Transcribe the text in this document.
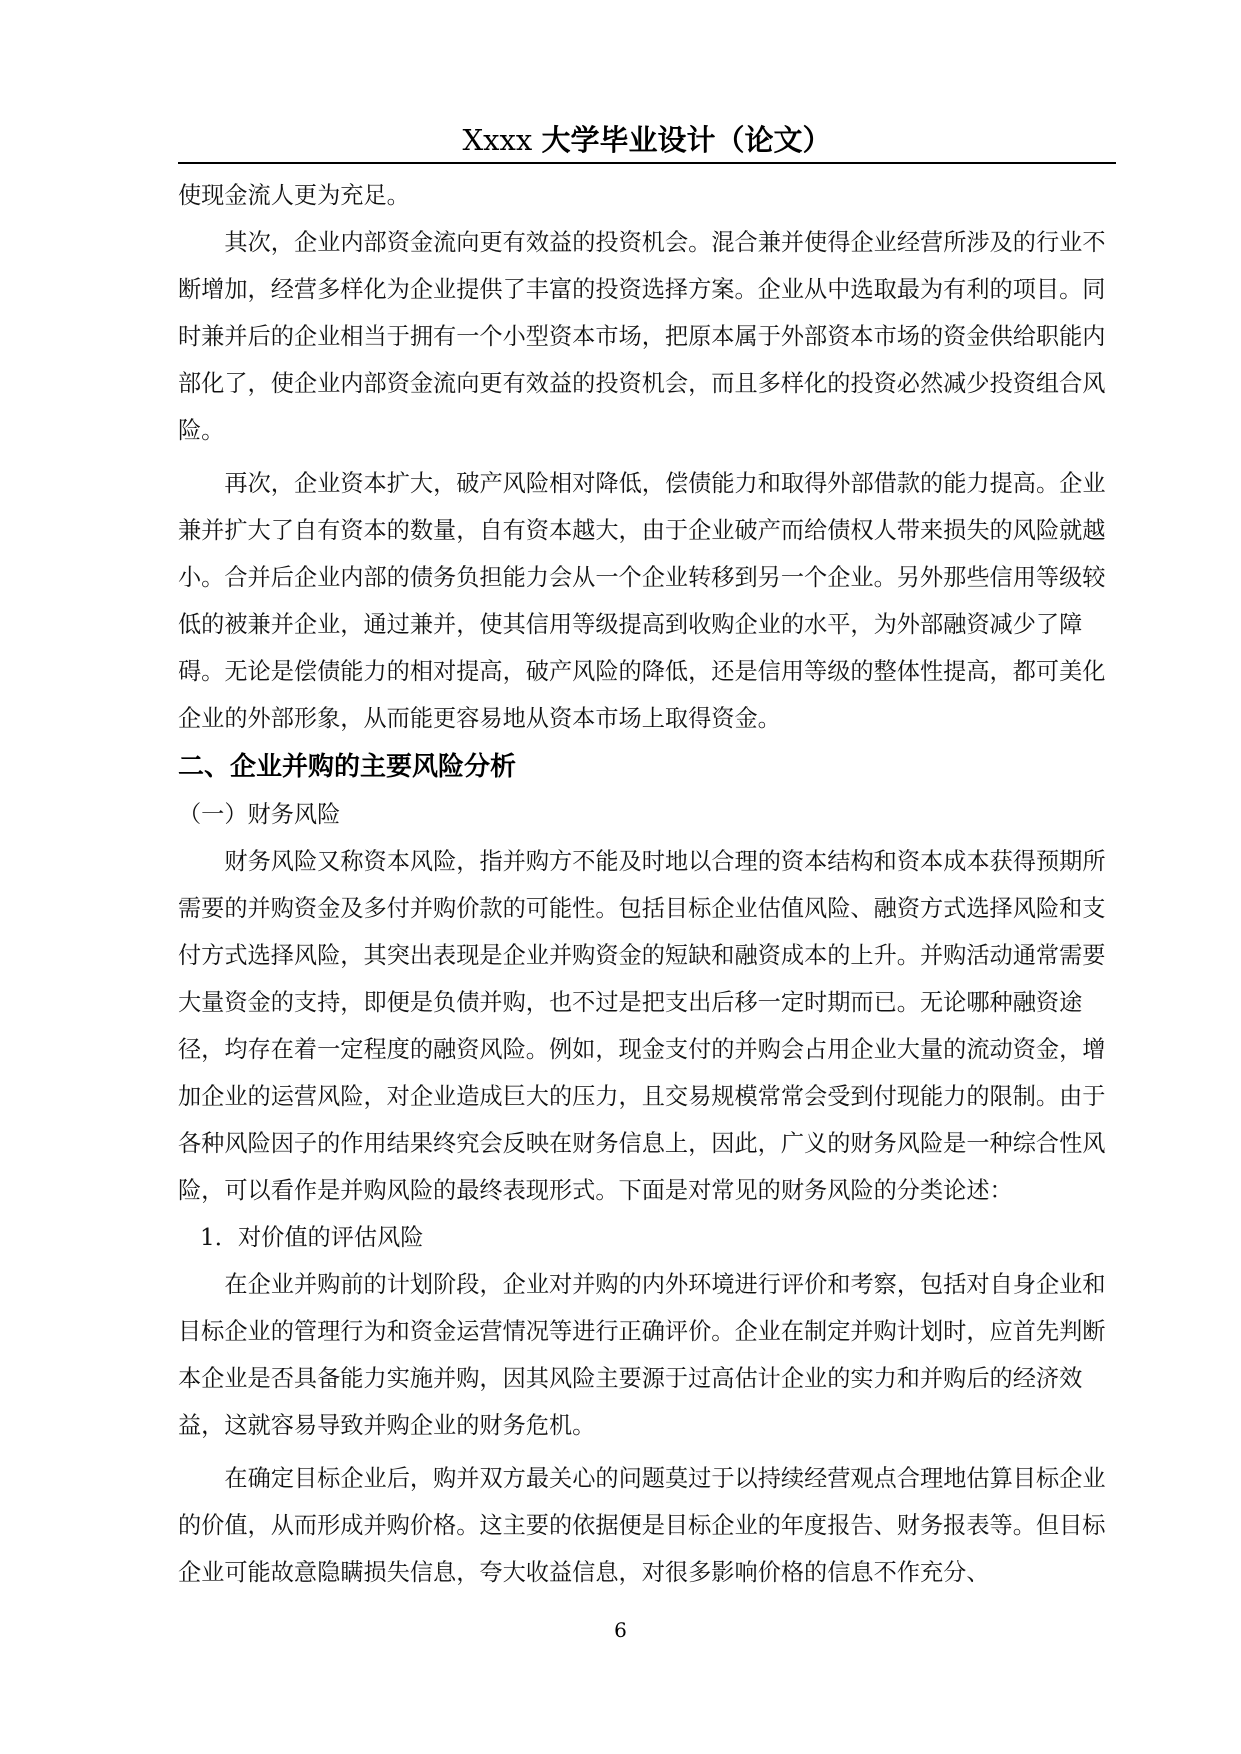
Xxxx 大学毕业设计（论文）

使现金流人更为充足。

其次，企业内部资金流向更有效益的投资机会。混合兼并使得企业经营所涉及的行业不断增加，经营多样化为企业提供了丰富的投资选择方案。企业从中选取最为有利的项目。同时兼并后的企业相当于拥有一个小型资本市场，把原本属于外部资本市场的资金供给职能内部化了，使企业内部资金流向更有效益的投资机会，而且多样化的投资必然减少投资组合风险。

再次，企业资本扩大，破产风险相对降低，偿债能力和取得外部借款的能力提高。企业兼并扩大了自有资本的数量，自有资本越大，由于企业破产而给债权人带来损失的风险就越小。合并后企业内部的债务负担能力会从一个企业转移到另一个企业。另外那些信用等级较低的被兼并企业，通过兼并，使其信用等级提高到收购企业的水平，为外部融资减少了障碍。无论是偿债能力的相对提高，破产风险的降低，还是信用等级的整体性提高，都可美化企业的外部形象，从而能更容易地从资本市场上取得资金。

二、企业并购的主要风险分析

（一）财务风险

财务风险又称资本风险，指并购方不能及时地以合理的资本结构和资本成本获得预期所需要的并购资金及多付并购价款的可能性。包括目标企业估值风险、融资方式选择风险和支付方式选择风险，其突出表现是企业并购资金的短缺和融资成本的上升。并购活动通常需要大量资金的支持，即便是负债并购，也不过是把支出后移一定时期而已。无论哪种融资途径，均存在着一定程度的融资风险。例如，现金支付的并购会占用企业大量的流动资金，增加企业的运营风险，对企业造成巨大的压力，且交易规模常常会受到付现能力的限制。由于各种风险因子的作用结果终究会反映在财务信息上，因此，广义的财务风险是一种综合性风险，可以看作是并购风险的最终表现形式。下面是对常见的财务风险的分类论述：

1．对价值的评估风险

在企业并购前的计划阶段，企业对并购的内外环境进行评价和考察，包括对自身企业和目标企业的管理行为和资金运营情况等进行正确评价。企业在制定并购计划时，应首先判断本企业是否具备能力实施并购，因其风险主要源于过高估计企业的实力和并购后的经济效益，这就容易导致并购企业的财务危机。

在确定目标企业后，购并双方最关心的问题莫过于以持续经营观点合理地估算目标企业的价值，从而形成并购价格。这主要的依据便是目标企业的年度报告、财务报表等。但目标企业可能故意隐瞒损失信息，夸大收益信息，对很多影响价格的信息不作充分、

6
